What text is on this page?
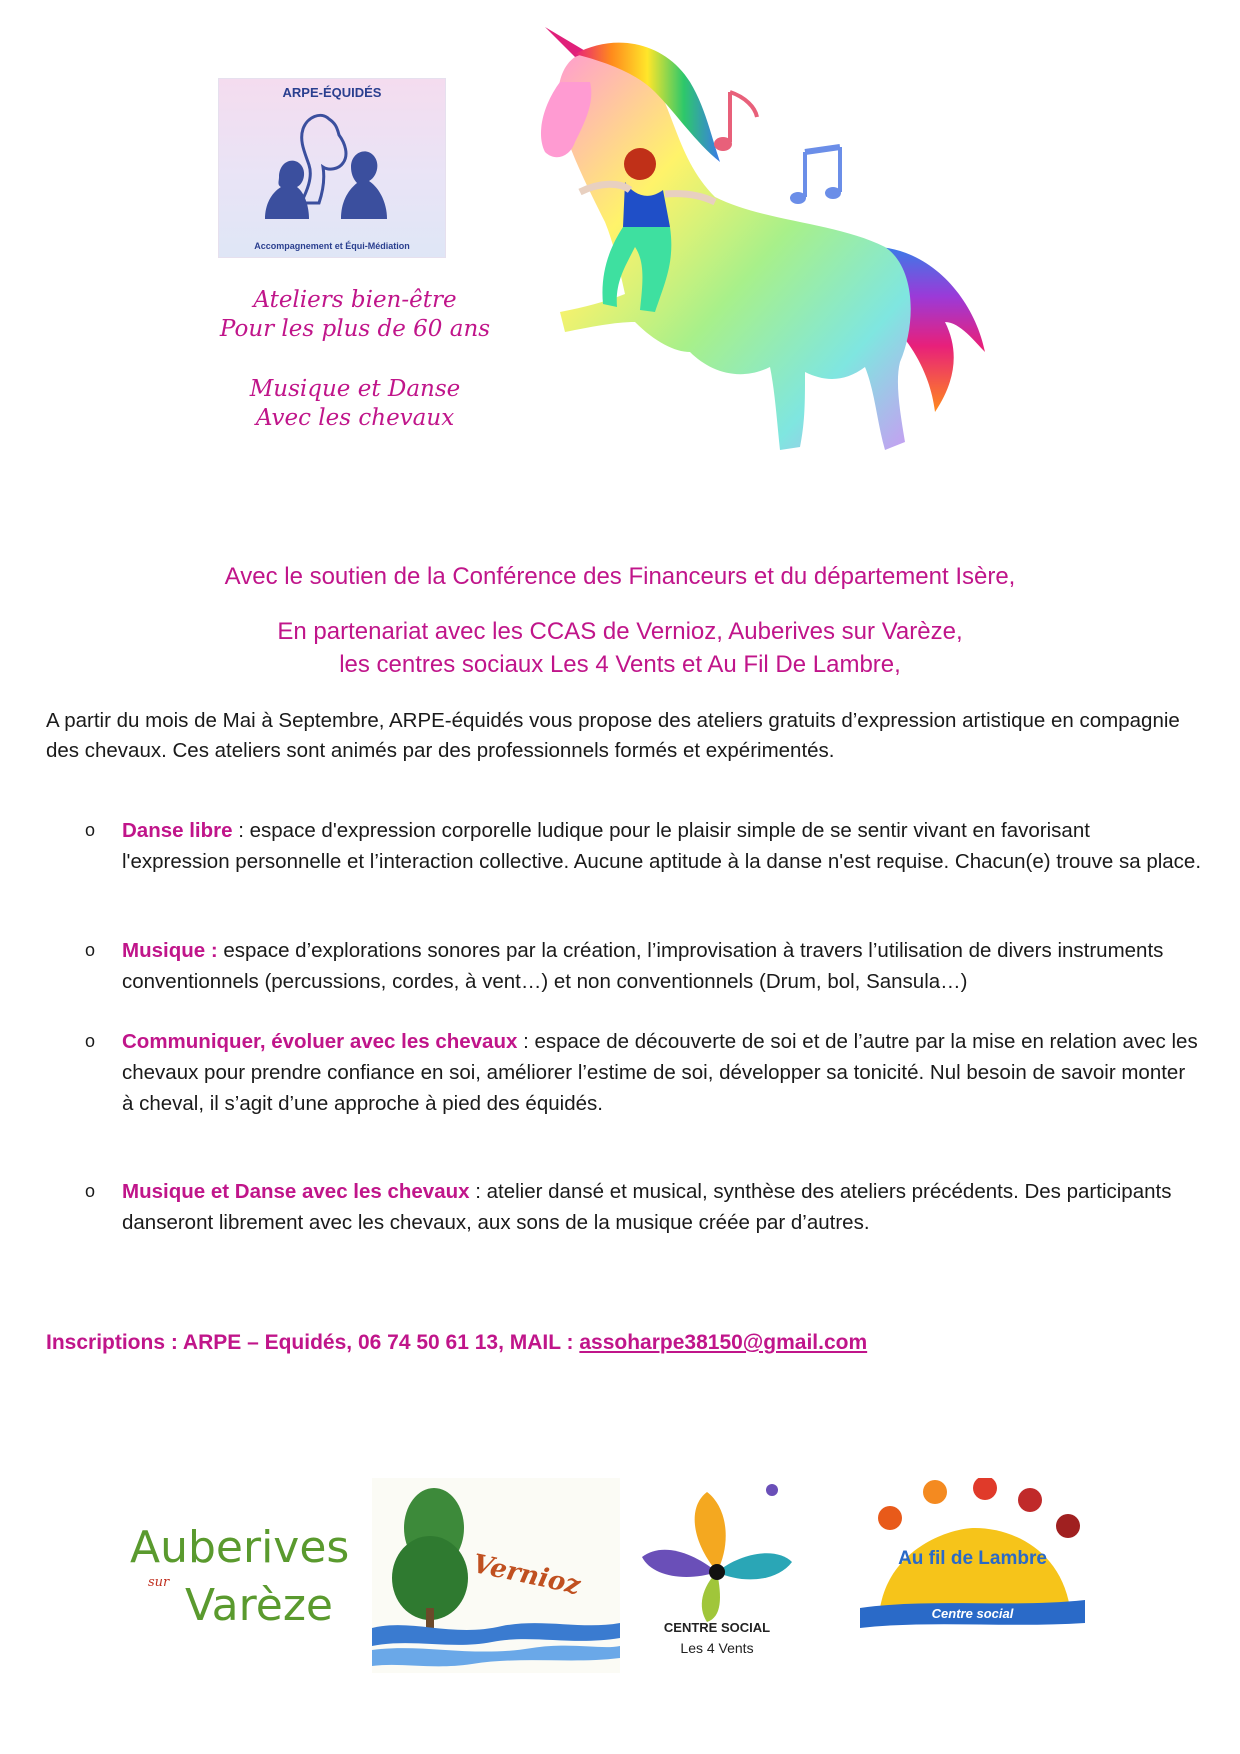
ARPE-ÉQUIDÉS
Accompagnement et Équi-Médiation
Ateliers bien-être
Pour les plus de 60 ans
Musique et Danse
Avec les chevaux
Avec le soutien de la Conférence des Financeurs et du département Isère,
En partenariat avec les CCAS de Vernioz, Auberives sur Varèze,
les centres sociaux Les 4 Vents et Au Fil De Lambre,
A partir du mois de Mai à Septembre, ARPE-équidés vous propose des ateliers gratuits d’expression artistique en compagnie des chevaux. Ces ateliers sont animés par des professionnels formés et expérimentés.
o Danse libre : espace d'expression corporelle ludique pour le plaisir simple de se sentir vivant en favorisant l'expression personnelle et l’interaction collective. Aucune aptitude à la danse n'est requise. Chacun(e) trouve sa place.
o Musique : espace d’explorations sonores par la création, l’improvisation à travers l’utilisation de divers instruments conventionnels (percussions, cordes, à vent…) et non conventionnels (Drum, bol, Sansula…)
o Communiquer, évoluer avec les chevaux : espace de découverte de soi et de l’autre par la mise en relation avec les chevaux pour prendre confiance en soi, améliorer l’estime de soi, développer sa tonicité. Nul besoin de savoir monter à cheval, il s’agit d’une approche à pied des équidés.
o Musique et Danse avec les chevaux : atelier dansé et musical, synthèse des ateliers précédents. Des participants danseront librement avec les chevaux, aux sons de la musique créée par d’autres.
Inscriptions : ARPE – Equidés, 06 74 50 61 13, MAIL : assoharpe38150@gmail.com
Auberives
sur Varèze
Vernioz
CENTRE SOCIAL
Les 4 Vents
Au fil de Lambre
Centre social
